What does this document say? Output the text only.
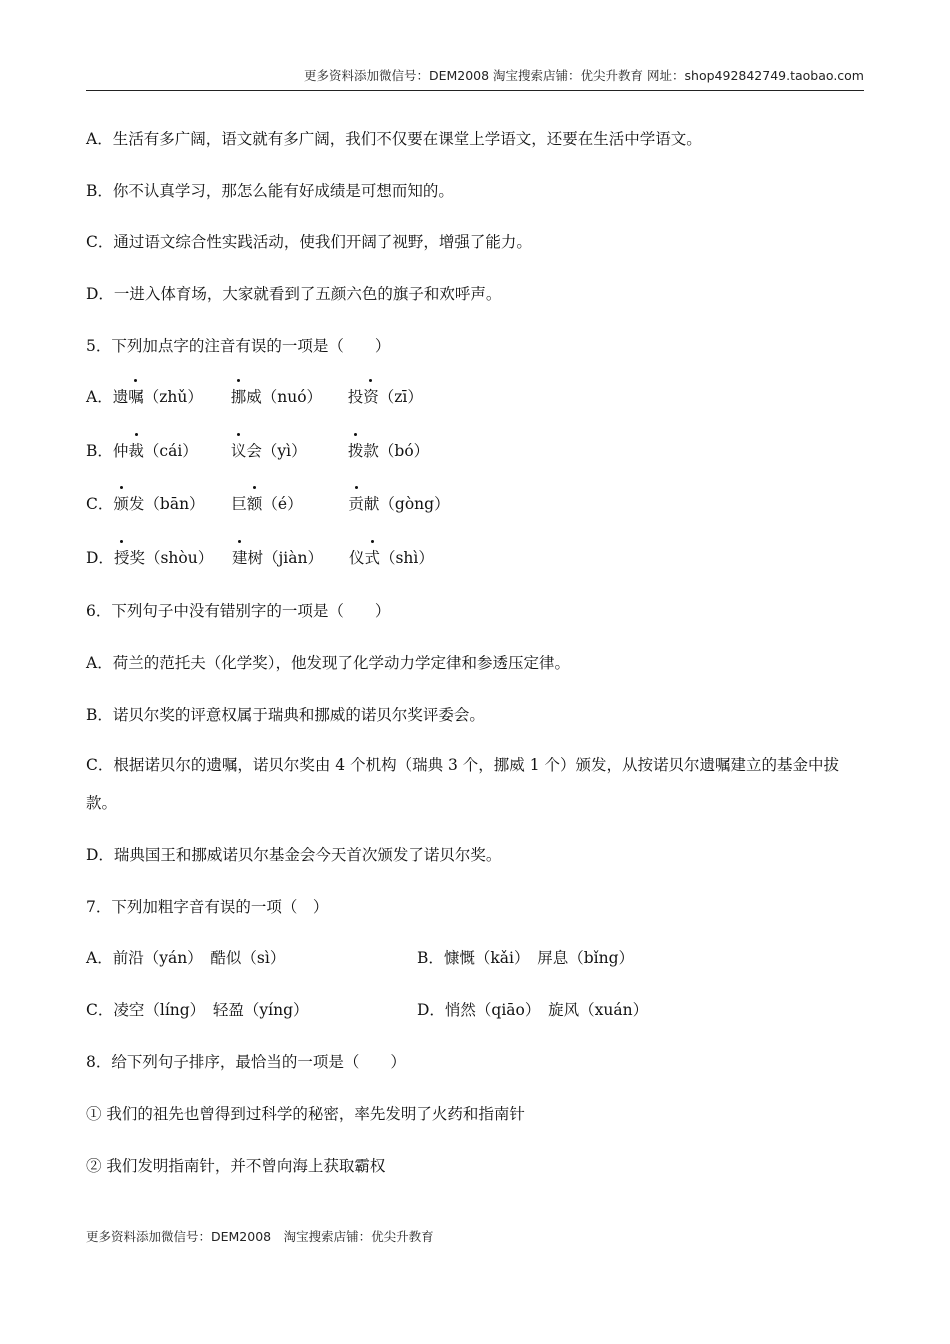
更多资料添加微信号：DEM2008 淘宝搜索店铺：优尖升教育 网址：shop492842749.taobao.com
A．生活有多广阔，语文就有多广阔，我们不仅要在课堂上学语文，还要在生活中学语文。
B．你不认真学习，那怎么能有好成绩是可想而知的。
C．通过语文综合性实践活动，使我们开阔了视野，增强了能力。
D．一进入体育场，大家就看到了五颜六色的旗子和欢呼声。
5．下列加点字的注音有误的一项是（　　）
A．遗嘱（zhǔ） 挪威（nuó） 投资（zī）
B．仲裁（cái） 议会（yì）	拨款（bó）
C．颁发（bān） 巨额（é）	贡献（gòng）
D．授奖（shòu） 建树（jiàn） 仪式（shì）
6．下列句子中没有错别字的一项是（　　）
A．荷兰的范托夫（化学奖），他发现了化学动力学定律和参透压定律。
B．诺贝尔奖的评意权属于瑞典和挪威的诺贝尔奖评委会。
C．根据诺贝尔的遗嘱，诺贝尔奖由 4 个机构（瑞典 3 个，挪威 1 个）颁发，从按诺贝尔遗嘱建立的基金中拔款。
D．瑞典国王和挪威诺贝尔基金会今天首次颁发了诺贝尔奖。
7．下列加粗字音有误的一项（　）
A．前沿（yán）　酷似（sì）	B．慷慨（kǎi）　屏息（bǐng）
C．凌空（líng）　轻盈（yíng）	D．悄然（qiāo）　旋风（xuán）
8．给下列句子排序，最恰当的一项是（　　）
① 我们的祖先也曾得到过科学的秘密，率先发明了火药和指南针
② 我们发明指南针，并不曾向海上获取霸权
更多资料添加微信号：DEM2008　淘宝搜索店铺：优尖升教育
